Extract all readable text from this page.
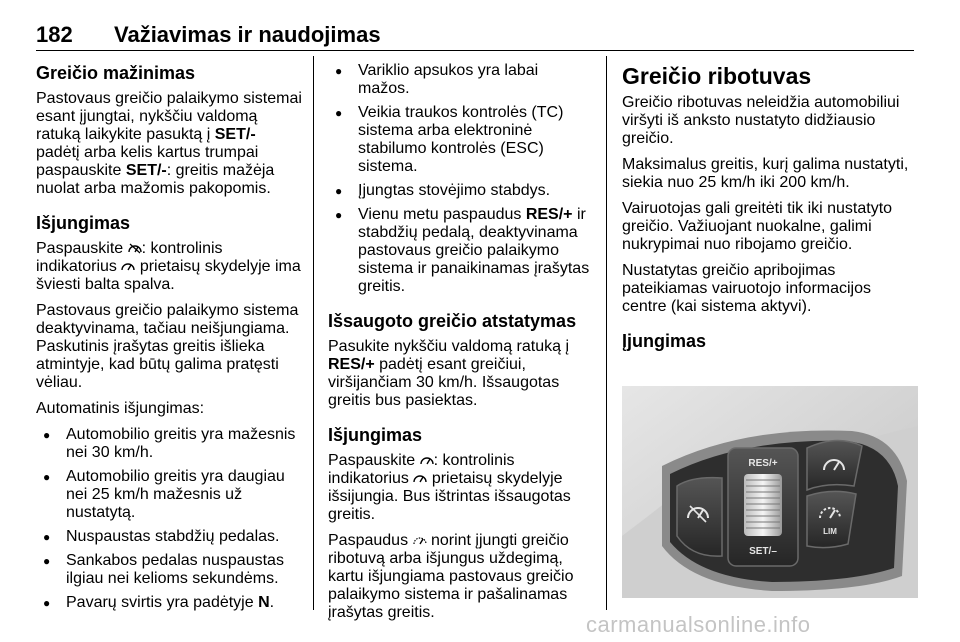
182 Važiavimas ir naudojimas
Greičio mažinimas

Pastovaus greičio palaikymo sistemai esant įjungtai, nykščiu valdomą ratuką laikykite pasuktą į SET/- padėtį arba kelis kartus trumpai paspauskite SET/-: greitis mažėja nuolat arba mažomis pakopomis.

Išjungimas

Paspauskite : kontrolinis indikatorius  prietaisų skydelyje ima šviesti balta spalva.

Pastovaus greičio palaikymo sistema deaktyvinama, tačiau neišjungiama. Paskutinis įrašytas greitis išlieka atmintyje, kad būtų galima pratęsti vėliau.

Automatinis išjungimas:

● Automobilio greitis yra mažesnis nei 30 km/h.
● Automobilio greitis yra daugiau nei 25 km/h mažesnis už nustatytą.
● Nuspaustas stabdžių pedalas.
● Sankabos pedalas nuspaustas ilgiau nei kelioms sekundėms.
● Pavarų svirtis yra padėtyje N.
● Variklio apsukos yra labai mažos.
● Veikia traukos kontrolės (TC) sistema arba elektroninė stabilumo kontrolės (ESC) sistema.
● Įjungtas stovėjimo stabdys.
● Vienu metu paspaudus RES/+ ir stabdžių pedalą, deaktyvinama pastovaus greičio palaikymo sistema ir panaikinamas įrašytas greitis.
Išsaugoto greičio atstatymas

Pasukite nykščiu valdomą ratuką į RES/+ padėtį esant greičiui, viršijančiam 30 km/h. Išsaugotas greitis bus pasiektas.

Išjungimas

Paspauskite : kontrolinis indikatorius  prietaisų skydelyje išsijungia. Bus ištrintas išsaugotas greitis.

Paspaudus  norint įjungti greičio ribotuvą arba išjungus uždegimą, kartu išjungiama pastovaus greičio palaikymo sistema ir pašalinamas įrašytas greitis.

Greičio ribotuvas

Greičio ribotuvas neleidžia automobiliui viršyti iš anksto nustatyto didžiausio greičio.

Maksimalus greitis, kurį galima nustatyti, siekia nuo 25 km/h iki 200 km/h.

Vairuotojas gali greitėti tik iki nustatyto greičio. Važiuojant nuokalne, galimi nukrypimai nuo ribojamo greičio.

Nustatytas greičio apribojimas pateikiamas vairuotojo informacijos centre (kai sistema aktyvi).

Įjungimas
RES/+
SET/–
LIM
carmanualsonline.info
